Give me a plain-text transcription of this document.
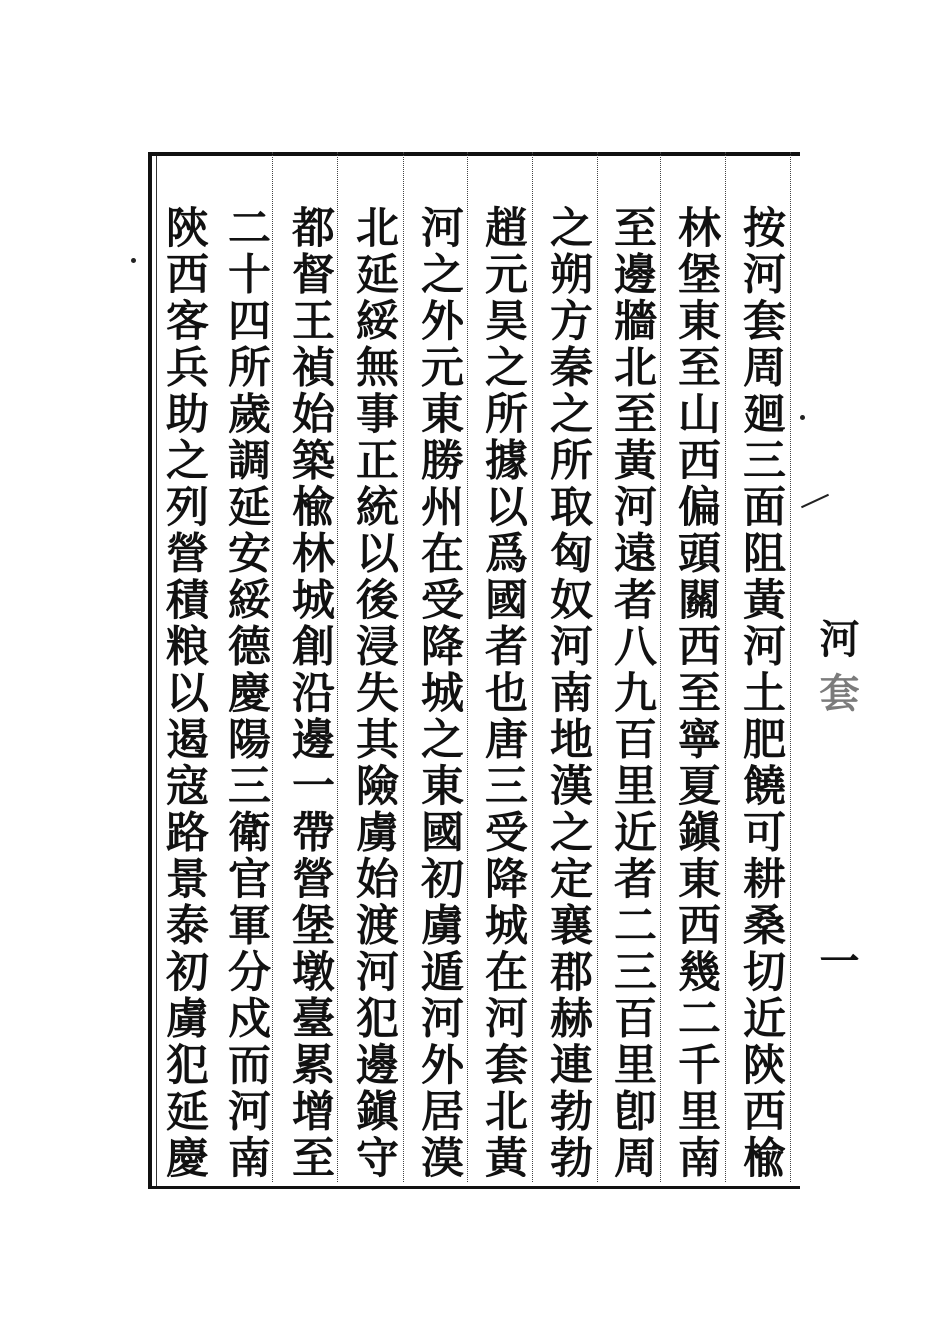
按河套周廻三面阻黃河土肥饒可耕桑切近陝西楡
林堡東至山西偏頭關西至寧夏鎭東西幾二千里南
至邊牆北至黃河遠者八九百里近者二三百里卽周
之朔方秦之所取匈奴河南地漢之定襄郡赫連勃勃
趙元昊之所據以爲國者也唐三受降城在河套北黃
河之外元東勝州在受降城之東國初虜遁河外居漠
北延綏無事正統以後浸失其險虜始渡河犯邊鎭守
都督王禎始築楡林城創沿邊一帶營堡墩臺累增至
二十四所歲調延安綏德慶陽三衛官軍分戍而河南
陝西客兵助之列營積粮以遏寇路景泰初虜犯延慶	河
套
一
